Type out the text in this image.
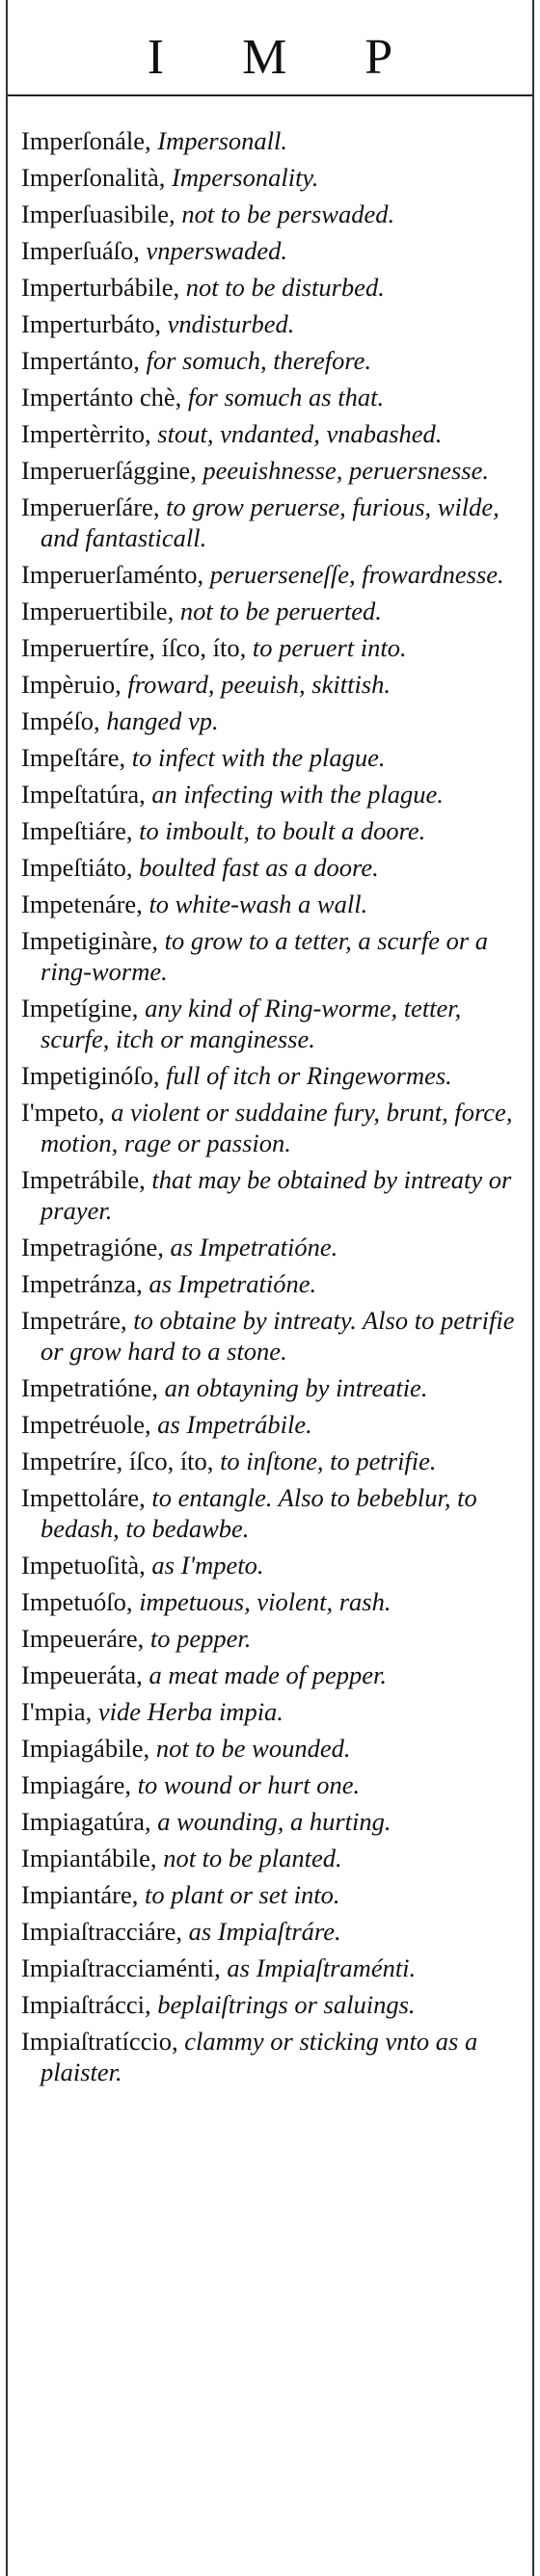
I M P

Imperſonále, Impersonall.

Imperſonalità, Impersonality.

Imperſuasibile, not to be perswaded.

Imperſuáſo, vnperswaded.

Imperturbábile, not to be disturbed.

Imperturbáto, vndisturbed.

Impertánto, for somuch, therefore.

Impertánto chè, for somuch as that.

Impertèrrito, stout, vndanted, vnabashed.

Imperuerſággine, peeuishnesse, peruersnesse.

Imperuerſáre, to grow peruerse, furious, wilde, and fantasticall.

Imperuerſaménto, peruerseneſſe, frowardnesse.

Imperuertibile, not to be peruerted.

Imperuertíre, íſco, íto, to peruert into.

Impèruio, froward, peeuish, skittish.

Impéſo, hanged vp.

Impeſtáre, to infect with the plague.

Impeſtatúra, an infecting with the plague.

Impeſtiáre, to imboult, to boult a doore.

Impeſtiáto, boulted fast as a doore.

Impetenáre, to white-wash a wall.

Impetiginàre, to grow to a tetter, a scurfe or a ring-worme.

Impetígine, any kind of Ring-worme, tetter, scurfe, itch or manginesse.

Impetiginóſo, full of itch or Ringewormes.

I'mpeto, a violent or suddaine fury, brunt, force, motion, rage or passion.

Impetrábile, that may be obtained by intreaty or prayer.

Impetragióne, as Impetratióne.

Impetránza, as Impetratióne.

Impetráre, to obtaine by intreaty. Also to petrifie or grow hard to a stone.

Impetratióne, an obtayning by intreatie.

Impetréuole, as Impetrábile.

Impetríre, íſco, íto, to inſtone, to petrifie.

Impettoláre, to entangle. Also to bebeblur, to bedash, to bedawbe.

Impetuoſità, as I'mpeto.

Impetuóſo, impetuous, violent, rash.

Impeueráre, to pepper.

Impeueráta, a meat made of pepper.

I'mpia, vide Herba impia.

Impiagábile, not to be wounded.

Impiagáre, to wound or hurt one.

Impiagatúra, a wounding, a hurting.

Impiantábile, not to be planted.

Impiantáre, to plant or set into.

Impiaſtracciáre, as Impiaſtráre.

Impiaſtracciaménti, as Impiaſtraménti.

Impiaſtrácci, beplaiſtrings or saluings.

Impiaſtratíccio, clammy or sticking vnto as a plaister.
